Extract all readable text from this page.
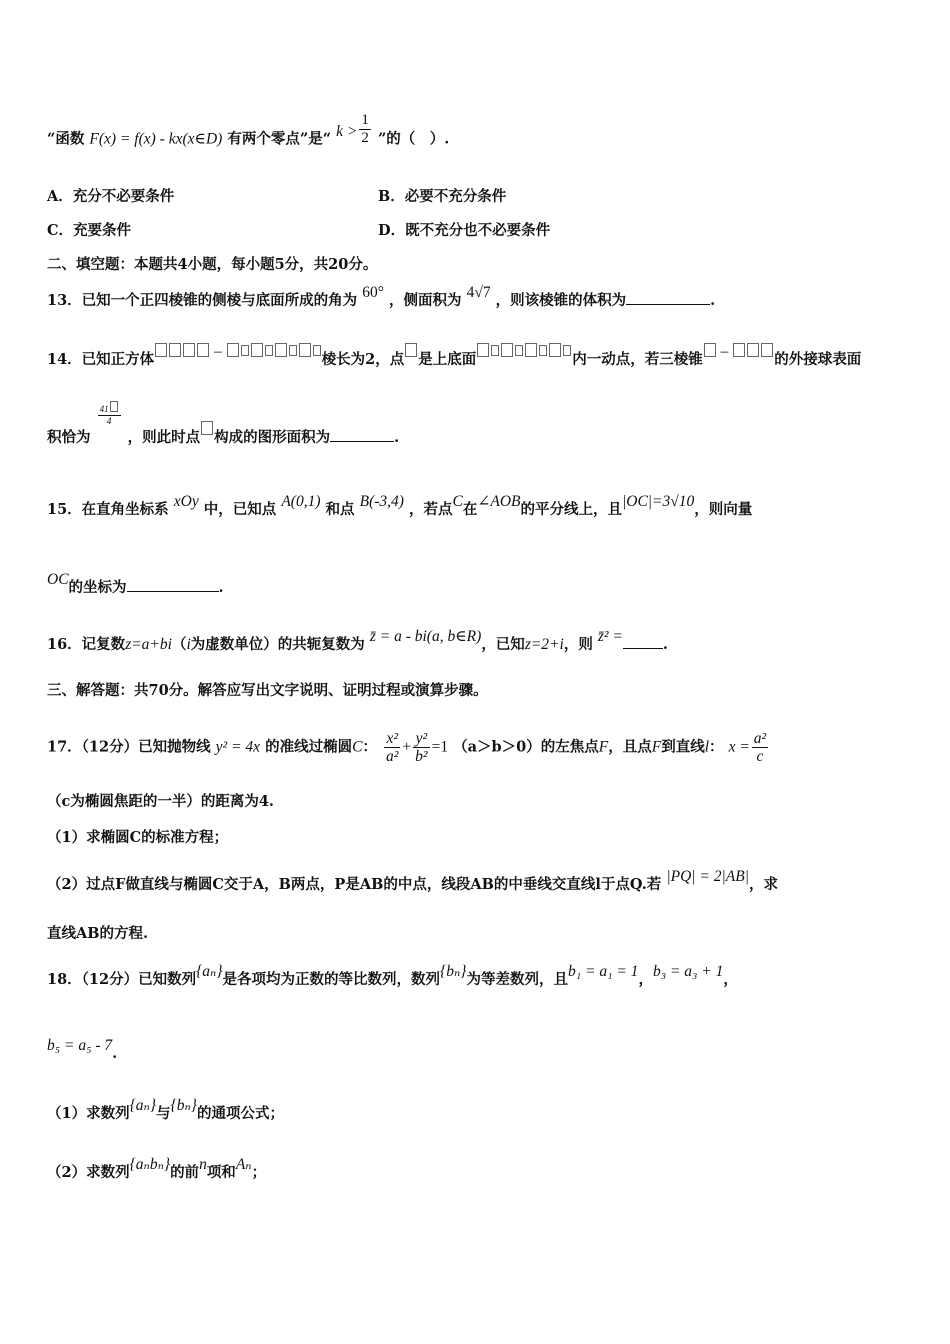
“函数 F(x) = f(x) - kx(x∈D) 有两个零点”是“ $k > \frac{1}{2}$ ”的（　）.
A．充分不必要条件	B．必要不充分条件
C．充要条件	D．既不充分也不必要条件
二、填空题：本题共4小题，每小题5分，共20分。
13．已知一个正四棱锥的侧棱与底面所成的角为 60° ，侧面积为 4√7 ，则该棱锥的体积为	.
14．已知正方体	–	棱长为2，点 是上底面	内一动点，若三棱锥 –	的外接球表面
积恰为
$\frac{41}{4}$
，则此时点 构成的图形面积为	.
15．在直角坐标系 xOy 中，已知点 A(0,1) 和点 B(-3,4) ，若点C在∠AOB的平分线上，且|OC|=3√10，则向量
OC的坐标为	.
16．记复数z=a+bi（i为虚数单位）的共轭复数为 z̄ = a - bi(a, b∈R)，已知z=2+i，则 z̄² =	.
三、解答题：共70分。解答应写出文字说明、证明过程或演算步骤。
17．（12分）已知抛物线 y² = 4x 的准线过椭圆C： $\frac{\text{x²}}{\text{a²}} + \frac{\text{y²}}{\text{b²}} =1$ （a＞b＞0）的左焦点F，且点F到直线l： $x = \frac{\text{a²}}{c}$
（c为椭圆焦距的一半）的距离为4.
（1）求椭圆C的标准方程；
（2）过点F做直线与椭圆C交于A，B两点，P是AB的中点，线段AB的中垂线交直线l于点Q.若 |PQ| = 2|AB|，求
直线AB的方程.
18．（12分）已知数列{aₙ}是各项均为正数的等比数列，数列{bₙ}为等差数列，且b₁ = a₁ = 1，b₃ = a₃ + 1，
b₅ = a₅ - 7.
（1）求数列{aₙ}与{bₙ}的通项公式；
（2）求数列{aₙbₙ}的前n项和Aₙ；
